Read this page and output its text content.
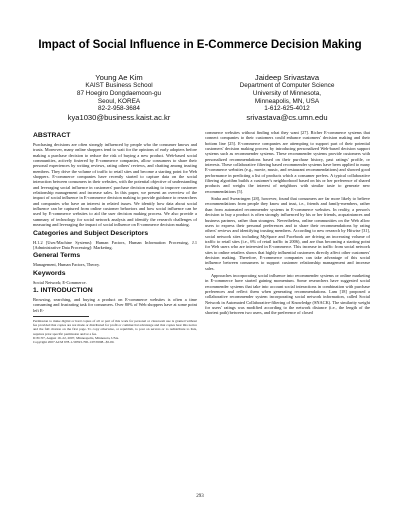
Impact of Social Influence in E-Commerce Decision Making
Young Ae Kim
KAIST Business School
87 Hoegiro Dongdaemoon-gu
Seoul, KOREA
82-2-958-3684
kya1030@business.kaist.ac.kr
Jaideep Srivastava
Department of Computer Science
University of Minnesota,
Minneapolis, MN, USA
1-612-625-4012
srivastava@cs.umn.edu
ABSTRACT

Purchasing decisions are often strongly influenced by people who the consumer knows and trusts. Moreover, many online shoppers tend to wait for the opinions of early adopters before making a purchase decision to reduce the risk of buying a new product. Web-based social communities, actively fostered by E-commerce companies, allow consumers to share their personal experiences by writing reviews, rating others' reviews, and chatting among trusting members. They drive the volume of traffic to retail sites and become a starting point for Web shoppers. E-commerce companies have recently started to capture data on the social interaction between consumers in their websites, with the potential objective of understanding and leveraging social influence in customers' purchase decision making to improve customer relationship management and increase sales. In this paper, we present an overview of the impact of social influence in E-commerce decision making to provide guidance to researchers and companies who have an interest in related issues. We identify how data about social influence can be captured from online customer behaviors and how social influence can be used by E-commerce websites to aid the user decision making process. We also provide a summary of technology for social network analysis and identify the research challenges of measuring and leveraging the impact of social influence on E-commerce decision making.

Categories and Subject Descriptors

H.1.2 [User/Machine Systems]: Human Factors, Human Information Processing, J.1 [Administrative Data Processing]: Marketing.

General Terms

Management, Human Factors, Theory.

Keywords

Social Network; E-Commerce.

1. INTRODUCTION

Browsing, searching, and buying a product on E-commerce websites is often a time consuming and frustrating task for consumers. Over 80% of Web shoppers have at some point left E-

Permission to make digital or hard copies of all or part of this work for personal or classroom use is granted without fee provided that copies are not made or distributed for profit or commercial advantage and that copies bear this notice and the full citation on the first page. To copy otherwise, or republish, to post on servers or to redistribute to lists, requires prior specific permission and/or a fee.

ICEC'07, August 19–22, 2007, Minneapolis, Minnesota, USA.

Copyright 2007 ACM 978-1-59593-700-1/07/0008...$5.00.

commerce websites without finding what they want [27]. Richer E-commerce systems that connect companies to their customers could enhance customers' decision making and their bottom line [25]. E-commerce companies are attempting to support part of their potential customers' decision making process by introducing personalized Web-based decision support systems such as recommender systems. These recommender systems provide customers with personalized recommendations based on their purchase history, past ratings' profile, or interests. These collaborative filtering based recommender systems have been applied to many E-commerce websites (e.g., movie, music, and restaurant recommendations) and showed good performance in predicting a list of products which a consumer prefers. A typical collaborative filtering algorithm builds a customer's neighborhood based on his or her preference of shared products and weighs the interest of neighbors with similar taste to generate new recommendations [5].

Sinha and Swearingen [28], however, found that consumers are far more likely to believe recommendations from people they know and trust, i.e., friends and family-members, rather than from automated recommender systems in E-commerce websites. In reality, a person's decision to buy a product is often strongly influenced by his or her friends, acquaintances and business partners, rather than strangers. Nevertheless, online communities on the Web allow users to express their personal preferences and to share their recommendations by rating others' reviews and identifying trusting members. According to new research by Hitwise [31], social network sites including MySpace and Facebook are driving an increasing volume of traffic to retail sites (i.e., 6% of retail traffic in 2006), and are thus becoming a starting point for Web users who are interested in E-commerce. This increase in traffic from social network sites to online retailers shows that highly influential customers directly affect other customers' decision making. Therefore, E-commerce companies can take advantage of this social influence between consumers to support customer relationship management and increase sales.

Approaches incorporating social influence into recommender systems or online marketing in E-commerce have started gaining momentum. Some researchers have suggested social recommender systems that take into account social interactions in combination with purchase preferences and reflect them when generating recommendations. Lam [18] proposed a collaborative recommender system incorporating social network information, called Social Network in Automated Collaborative-filtering of Knowledge (SNACK). The similarity weight for users' ratings was modified according to the network distance (i.e., the length of the shortest path) between two users, and the preference of closed

293
